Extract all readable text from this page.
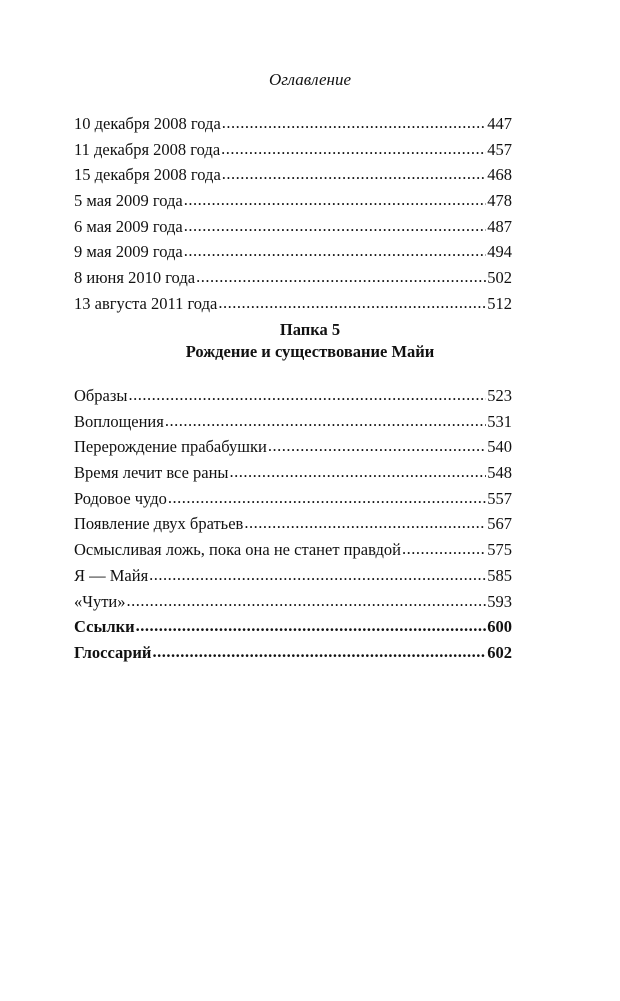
Оглавление
10 декабря 2008 года .....	447
11 декабря 2008 года .....	457
15 декабря 2008 года .....	468
5 мая 2009 года .....	478
6 мая 2009 года .....	487
9 мая 2009 года .....	494
8 июня 2010 года .....	502
13 августа 2011 года .....	512
Папка 5
Рождение и существование Майи
Образы .....	523
Воплощения .....	531
Перерождение прабабушки .....	540
Время лечит все раны .....	548
Родовое чудо .....	557
Появление двух братьев .....	567
Осмысливая ложь, пока она не станет правдой .....	575
Я — Майя .....	585
«Чути» .....	593
Ссылки .....	600
Глоссарий .....	602
